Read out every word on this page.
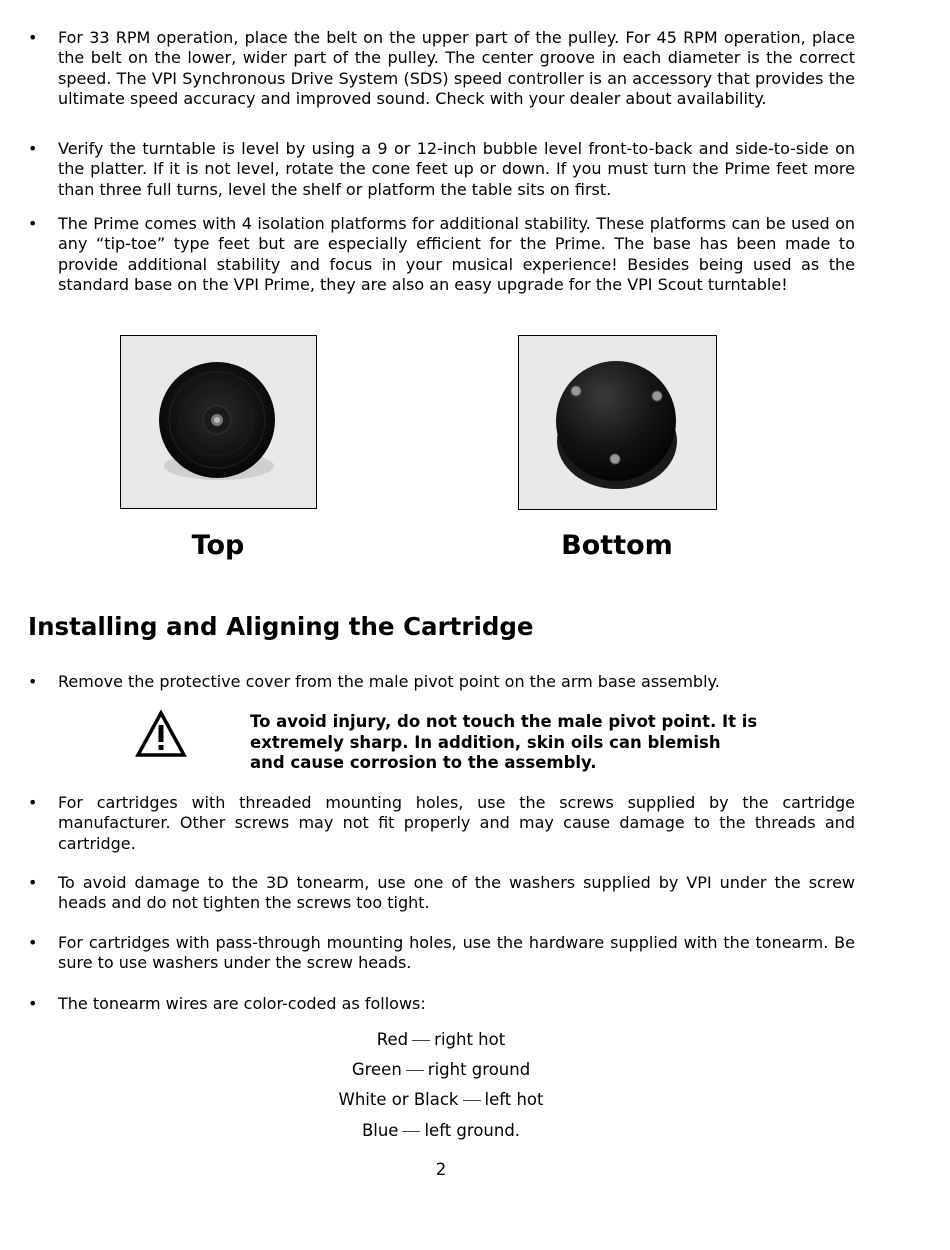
•	For 33 RPM operation, place the belt on the upper part of the pulley. For 45 RPM operation, place the belt on the lower, wider part of the pulley. The center groove in each diameter is the correct speed. The VPI Synchronous Drive System (SDS) speed controller is an accessory that provides the ultimate speed accuracy and improved sound. Check with your dealer about availability.
•	Verify the turntable is level by using a 9 or 12-inch bubble level front-to-back and side-to-side on the platter. If it is not level, rotate the cone feet up or down. If you must turn the Prime feet more than three full turns, level the shelf or platform the table sits on first.
•	The Prime comes with 4 isolation platforms for additional stability. These platforms can be used on any “tip-toe” type feet but are especially efficient for the Prime. The base has been made to provide additional stability and focus in your musical experience! Besides being used as the standard base on the VPI Prime, they are also an easy upgrade for the VPI Scout turntable!
Top	Bottom
Installing and Aligning the Cartridge
•	Remove the protective cover from the male pivot point on the arm base assembly.
To avoid injury, do not touch the male pivot point. It is extremely sharp. In addition, skin oils can blemish and cause corrosion to the assembly.
•	For cartridges with threaded mounting holes, use the screws supplied by the cartridge manufacturer. Other screws may not fit properly and may cause damage to the threads and cartridge.
•	To avoid damage to the 3D tonearm, use one of the washers supplied by VPI under the screw heads and do not tighten the screws too tight.
•	For cartridges with pass-through mounting holes, use the hardware supplied with the tonearm. Be sure to use washers under the screw heads.
•	The tonearm wires are color-coded as follows:
Red right hot
Green right ground
White or Black left hot
Blue left ground.
2
